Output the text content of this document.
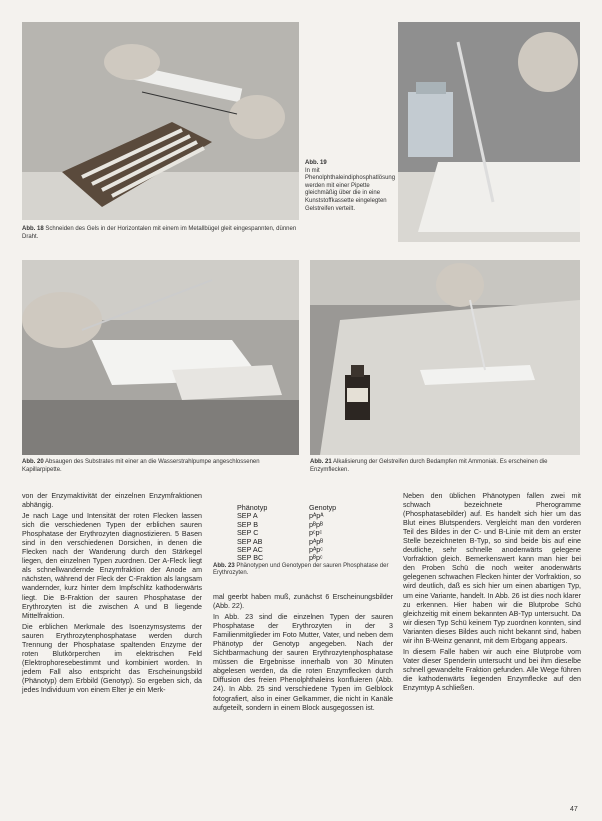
Abb. 18 Schneiden des Gels in der Horizontalen mit einem im Metallbügel gleit eingespannten, dünnen Draht.
Abb. 19
In mit Phenolphthaleindiphosphatlösung werden mit einer Pipette gleichmäßig über die in eine Kunststoffkassette eingelegten Gelstreifen verteilt.
Abb. 20 Absaugen des Substrates mit einer an die Wasserstrahlpumpe angeschlossenen Kapillarpipette.
Abb. 21 Alkalisierung der Gelstreifen durch Bedampfen mit Ammoniak. Es erscheinen die Enzymflecken.

von der Enzymaktivität der einzelnen Enzymfraktionen abhängig.

Je nach Lage und Intensität der roten Flecken lassen sich die verschiedenen Typen der erblichen sauren Phosphatase der Erythrozyten diagnostizieren. 5 Basen sind in den verschiedenen Dorsichen, in denen die Flecken nach der Wanderung durch den Stärkegel liegen, den einzelnen Typen zuordnen. Der A-Fleck liegt als schnellwandernde Enzymfraktion der Anode am nächsten, während der Fleck der C-Fraktion als langsam wandernder, kurz hinter dem Impfschlitz kathodenwärts liegt. Die B-Fraktion der sauren Phosphatase der Erythrozyten ist die zwischen A und B liegende Mittelfraktion.

Die erblichen Merkmale des Isoenzymsystems der sauren Erythrozytenphosphatase werden durch Trennung der Phosphatase spaltenden Enzyme der roten Blutkörperchen im elektrischen Feld (Elektrophoresebestimmt und kombiniert worden. In jedem Fall also entspricht das Erscheinungsbild (Phänotyp) dem Erbbild (Genotyp). So ergeben sich, da jedes Individuum von einem Elter je ein Merk-

Phänotyp	Genotyp
SEP A	pᴬpᴬ
SEP B	pᴮpᴮ
SEP C	pᶜpᶜ
SEP AB	pᴬpᴮ
SEP AC	pᴬpᶜ
SEP BC	pᴮpᶜ
Abb. 23 Phänotypen und Genotypen der sauren Phosphatase der Erythrozyten.

mal geerbt haben muß, zunächst 6 Erscheinungsbilder (Abb. 22).

In Abb. 23 sind die einzelnen Typen der sauren Phosphatase der Erythrozyten in der 3 Familienmitglieder im Foto Mutter, Vater, und neben dem Phänotyp der Genotyp angegeben. Nach der Sichtbarmachung der sauren Erythrozytenphosphatase müssen die Ergebnisse innerhalb von 30 Minuten abgelesen werden, da die roten Enzymflecken durch Diffusion des freien Phenolphthaleins konfluieren (Abb. 24). In Abb. 25 sind verschiedene Typen im Gelblock fotografiert, also in einer Gelkammer, die nicht in Kanäle aufgeteilt, sondern in einem Block ausgegossen ist.

Neben den üblichen Phänotypen fallen zwei mit schwach bezeichnete Pherogramme (Phosphatasebilder) auf. Es handelt sich hier um das Blut eines Blutspenders. Vergleicht man den vorderen Teil des Bildes in der C- und B-Linie mit dem an erster Stelle bezeichneten B-Typ, so sind beide bis auf eine deutliche, sehr schnelle anodenwärts gelegene Vorfraktion gleich. Bemerkenswert kann man hier bei den Proben Schü die noch weiter anodenwärts gelegenen schwachen Flecken hinter der Vorfraktion, so wird deutlich, daß es sich hier um einen abartigen Typ, um eine Variante, handelt. In Abb. 26 ist dies noch klarer zu erkennen. Hier haben wir die Blutprobe Schü gleichzeitig mit einem bekannten AB-Typ untersucht. Da wir diesen Typ Schü keinem Typ zuordnen konnten, sind Varianten dieses Bildes auch nicht bekannt sind, haben wir ihn B-Weinz genannt, mit dem Erbgang appears.

In diesem Falle haben wir auch eine Blutprobe vom Vater dieser Spenderin untersucht und bei ihm dieselbe schnell gewandelte Fraktion gefunden. Alle Wege führen die kathodenwärts liegenden Enzymflecke auf den Enzymtyp A schließen.

47
